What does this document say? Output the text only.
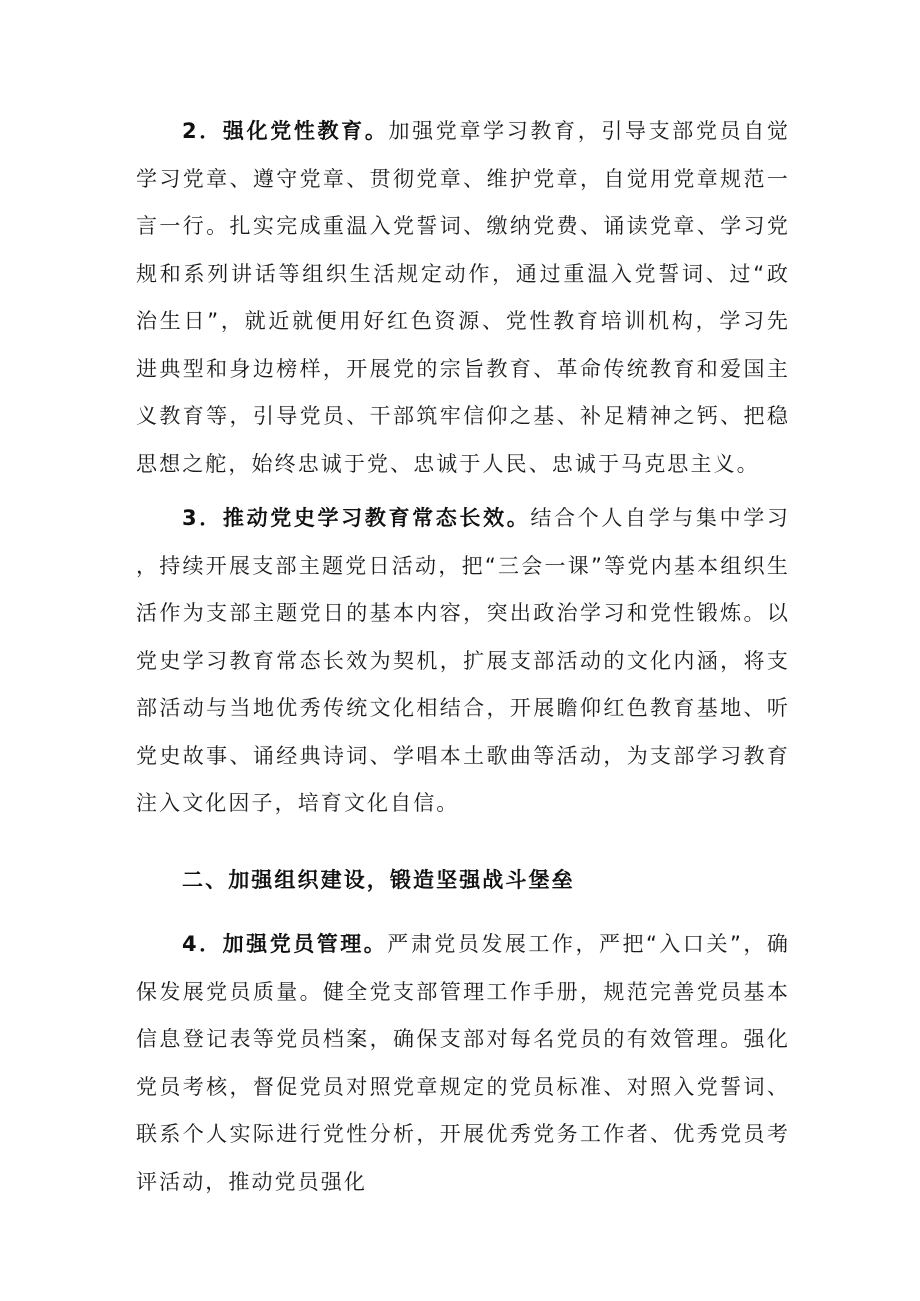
2．强化党性教育。加强党章学习教育，引导支部党员自觉学习党章、遵守党章、贯彻党章、维护党章，自觉用党章规范一言一行。扎实完成重温入党誓词、缴纳党费、诵读党章、学习党规和系列讲话等组织生活规定动作，通过重温入党誓词、过“政治生日”，就近就便用好红色资源、党性教育培训机构，学习先进典型和身边榜样，开展党的宗旨教育、革命传统教育和爱国主义教育等，引导党员、干部筑牢信仰之基、补足精神之钙、把稳思想之舵，始终忠诚于党、忠诚于人民、忠诚于马克思主义。

3．推动党史学习教育常态长效。结合个人自学与集中学习，持续开展支部主题党日活动，把“三会一课”等党内基本组织生活作为支部主题党日的基本内容，突出政治学习和党性锻炼。以党史学习教育常态长效为契机，扩展支部活动的文化内涵，将支部活动与当地优秀传统文化相结合，开展瞻仰红色教育基地、听党史故事、诵经典诗词、学唱本土歌曲等活动，为支部学习教育注入文化因子，培育文化自信。

二、加强组织建设，锻造坚强战斗堡垒

4．加强党员管理。严肃党员发展工作，严把“入口关”，确保发展党员质量。健全党支部管理工作手册，规范完善党员基本信息登记表等党员档案，确保支部对每名党员的有效管理。强化党员考核，督促党员对照党章规定的党员标准、对照入党誓词、联系个人实际进行党性分析，开展优秀党务工作者、优秀党员考评活动，推动党员强化
